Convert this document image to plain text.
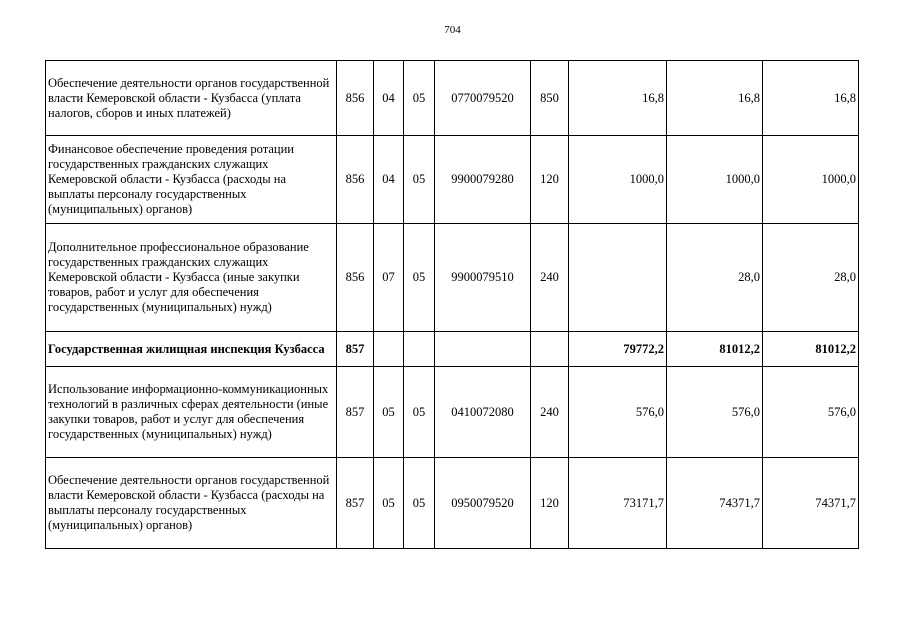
704
Обеспечение деятельности органов государственной власти Кемеровской области - Кузбасса (уплата налогов, сборов и иных платежей)	856	04	05	0770079520	850	16,8	16,8	16,8
Финансовое обеспечение проведения ротации государственных гражданских служащих Кемеровской области - Кузбасса (расходы на выплаты персоналу государственных (муниципальных) органов)	856	04	05	9900079280	120	1000,0	1000,0	1000,0
Дополнительное профессиональное образование государственных гражданских служащих Кемеровской области - Кузбасса (иные закупки товаров, работ и услуг для обеспечения государственных (муниципальных) нужд)	856	07	05	9900079510	240		28,0	28,0
Государственная жилищная инспекция Кузбасса	857					79772,2	81012,2	81012,2
Использование информационно-коммуникационных технологий в различных сферах деятельности (иные закупки товаров, работ и услуг для обеспечения государственных (муниципальных) нужд)	857	05	05	0410072080	240	576,0	576,0	576,0
Обеспечение деятельности органов государственной власти Кемеровской области - Кузбасса (расходы на выплаты персоналу государственных (муниципальных) органов)	857	05	05	0950079520	120	73171,7	74371,7	74371,7
